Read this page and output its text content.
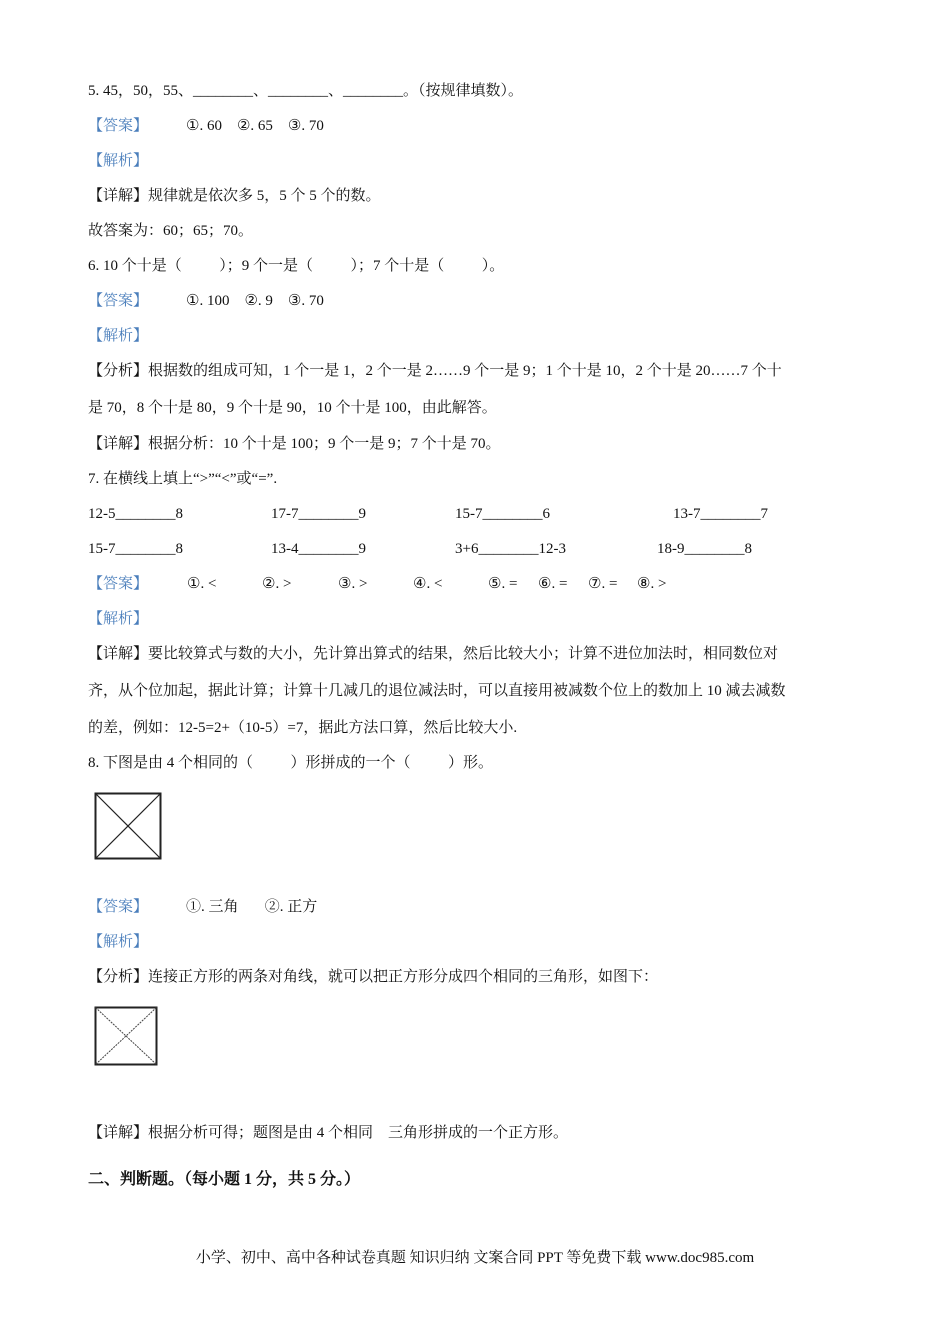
5. 45，50，55、________、________、________。（按规律填数）。
【答案】	①. 60    ②. 65    ③. 70
【解析】
【详解】规律就是依次多 5，5 个 5 个的数。
故答案为：60；65；70。
6. 10 个十是（          ）；9 个一是（          ）；7 个十是（          ）。
【答案】	①. 100    ②. 9    ③. 70
【解析】
【分析】根据数的组成可知，1 个一是 1，2 个一是 2……9 个一是 9；1 个十是 10，2 个十是 20……7 个十
是 70，8 个十是 80，9 个十是 90，10 个十是 100，由此解答。
【详解】根据分析：10 个十是 100；9 个一是 9；7 个十是 70。
7. 在横线上填上“>”“<”或“=”.
12-5________8	17-7________9	15-7________6	13-7________7
15-7________8	13-4________9	3+6________12-3	18-9________8
【答案】	①. <	②. >	③. >	④. <	⑤. = ⑥. = ⑦. = ⑧. >
【解析】
【详解】要比较算式与数的大小，先计算出算式的结果，然后比较大小；计算不进位加法时，相同数位对
齐，从个位加起，据此计算；计算十几减几的退位减法时，可以直接用被减数个位上的数加上 10 减去减数
的差，例如：12-5=2+（10-5）=7，据此方法口算，然后比较大小.
8. 下图是由 4 个相同的（          ）形拼成的一个（          ）形。
【答案】	①. 三角       ②. 正方
【解析】
【分析】连接正方形的两条对角线，就可以把正方形分成四个相同的三角形，如图下：
【详解】根据分析可得；题图是由 4 个相同    三角形拼成的一个正方形。
二、判断题。（每小题 1 分，共 5 分。）
小学、初中、高中各种试卷真题 知识归纳 文案合同 PPT 等免费下载 www.doc985.com
